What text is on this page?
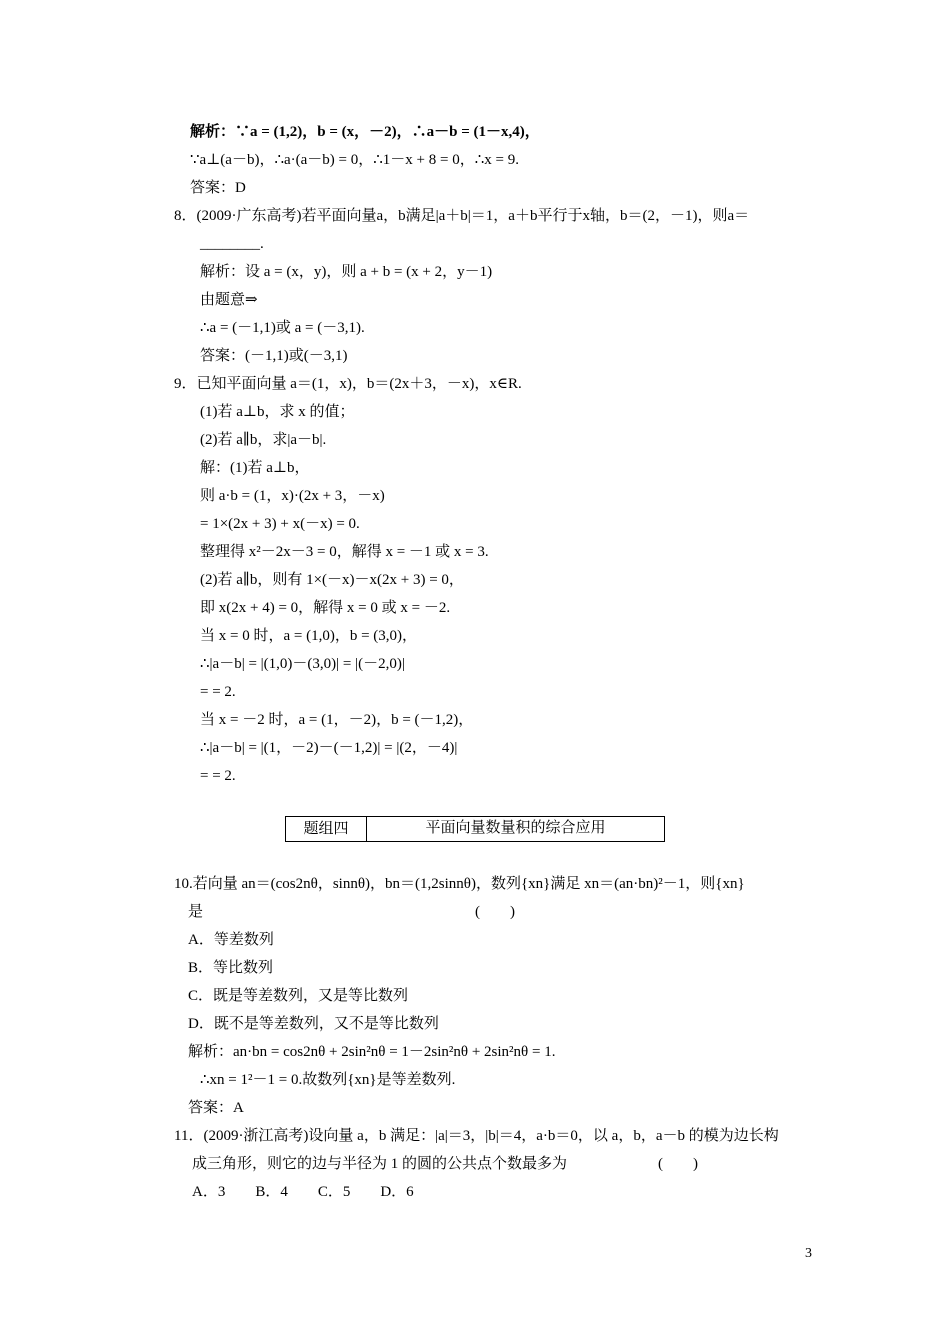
解析：∵a = (1,2)，b = (x，－2)，∴a－b = (1－x,4)，
∵a⊥(a－b)，∴a·(a－b) = 0，∴1－x + 8 = 0，∴x = 9.
答案：D
8．(2009·广东高考)若平面向量a，b满足|a＋b|＝1，a＋b平行于x轴，b＝(2，－1)，则a＝
________.
解析：设 a = (x，y)，则 a + b = (x + 2，y－1)
由题意⇒
∴a = (－1,1)或 a = (－3,1).
答案：(－1,1)或(－3,1)
9．已知平面向量 a＝(1，x)，b＝(2x＋3，－x)，x∈R.
(1)若 a⊥b，求 x 的值；
(2)若 a∥b，求|a－b|.
解：(1)若 a⊥b，
则 a·b = (1，x)·(2x + 3，－x)
= 1×(2x + 3) + x(－x) = 0.
整理得 x²－2x－3 = 0，解得 x = －1 或 x = 3.
(2)若 a∥b，则有 1×(－x)－x(2x + 3) = 0，
即 x(2x + 4) = 0，解得 x = 0 或 x = －2.
当 x = 0 时，a = (1,0)，b = (3,0)，
∴|a－b| = |(1,0)－(3,0)| = |(－2,0)|
= = 2.
当 x = －2 时，a = (1，－2)，b = (－1,2)，
∴|a－b| = |(1，－2)－(－1,2)| = |(2，－4)|
= = 2.
题组四	平面向量数量积的综合应用
10.若向量 an＝(cos2nθ，sinnθ)，bn＝(1,2sinnθ)，数列{xn}满足 xn＝(an·bn)²－1，则{xn}
是	(　　)
A．等差数列
B．等比数列
C．既是等差数列，又是等比数列
D．既不是等差数列，又不是等比数列
解析：an·bn = cos2nθ + 2sin²nθ = 1－2sin²nθ + 2sin²nθ = 1.
∴xn = 1²－1 = 0.故数列{xn}是等差数列.
答案：A
11．(2009·浙江高考)设向量 a，b 满足：|a|＝3，|b|＝4，a·b＝0，以 a，b，a－b 的模为边长构
成三角形，则它的边与半径为 1 的圆的公共点个数最多为	(　　)
A．3　　B．4　　C．5　　D．6
3
